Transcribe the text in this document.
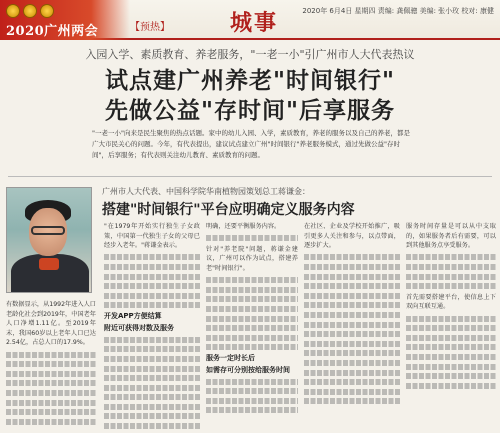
2020广州两会	【预热】	城事	2020年 6月4日 星期四 责编: 龚佩骢 美编: 张小玫 校对: 康健
入园入学、素质教育、养老服务，"一老一小"引广州市人大代表热议
试点建广州养老"时间银行"
先做公益"存时间"后享服务
"一老一小"向来是民生聚焦的热点话题。家中的幼儿入园、入学，素质教育，养老的服务以及自己的养老，都是广大市民关心的问题。今年，有代表提出，建议试点建立广州"时间银行"养老服务模式，通过先做公益"存时间"，后享服务；有代表则关注幼儿教育、素质教育的问题。
广州市人大代表、中国科学院华南植物园策划总工蒋谦金：
搭建"时间银行"平台应明确定义服务内容
有数据显示，从1992年进入人口老龄化社会到2019年，中国老年人口净增1.11亿。至2019年末，我国60岁以上老年人口已达2.54亿，占总人口的17.9%。
"在1979年开始实行独生子女政策，中国第一代独生子女的父母已经步入老年。"蒋谦金表示。
开发APP方便结算
附近可获得对数及服务
明确，还要平衡服务内容。
针对"养老院"问题，蒋谦金建议，广州可以作为试点，搭建养老"时间银行"。
服务一定时长后
如需存可分别按给服务时间
在社区、企业及学校开始推广，吸引更多人关注和参与，以点带面，逐步扩大。
服务时间存量是可以从中支取的，如果服务者后有需要，可以到其他服务点享受服务。
首先需要搭建平台，使信息上下双向互联互通。
